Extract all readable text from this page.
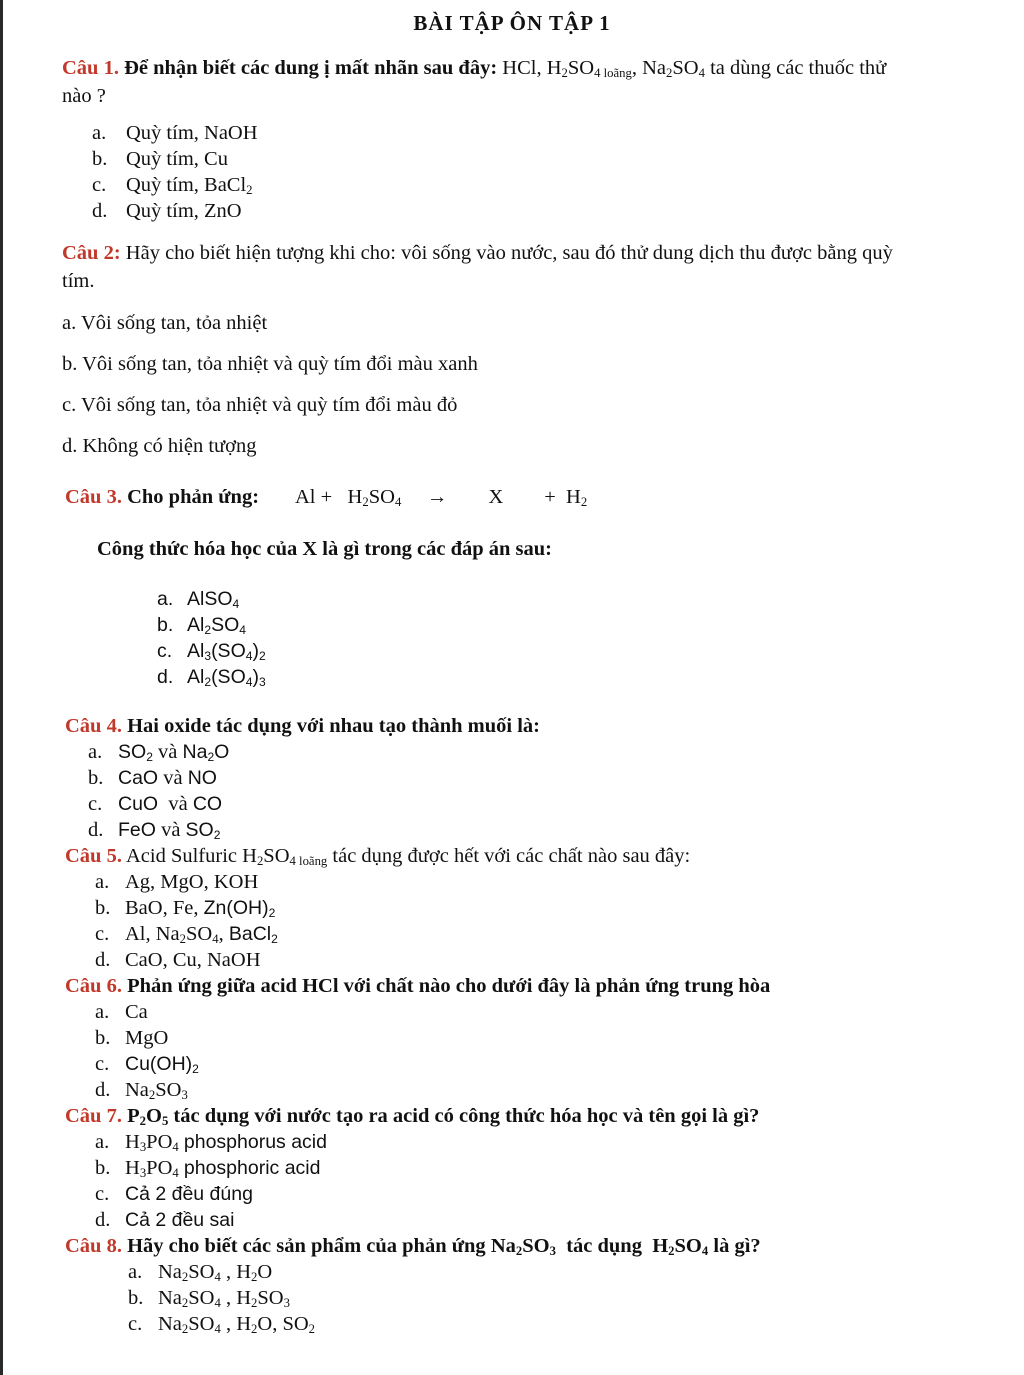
BÀI TẬP ÔN TẬP 1
Câu 1. Để nhận biết các dung ị mất nhãn sau đây: HCl, $H_2SO_{4 loãng}$, $Na_2SO_4$ ta dùng các thuốc thử
nào ?
a. Quỳ tím, NaOH
b. Quỳ tím, Cu
c. Quỳ tím, BaCl$_2$
d. Quỳ tím, ZnO
Câu 2: Hãy cho biết hiện tượng khi cho: vôi sống vào nước, sau đó thử dung dịch thu được bằng quỳ
tím.
a. Vôi sống tan, tỏa nhiệt
b. Vôi sống tan, tỏa nhiệt và quỳ tím đổi màu xanh
c. Vôi sống tan, tỏa nhiệt và quỳ tím đổi màu đỏ
d. Không có hiện tượng
Câu 3. Cho phản ứng: $Al + H_2SO_4$ →        X        +  $H_2$
Công thức hóa học của X là gì trong các đáp án sau:
a. AlSO$_4$
b. $Al_2SO_4$
c. $Al_3(SO_4)_2$
d. $Al_2(SO_4)_3$
Câu 4. Hai oxide tác dụng với nhau tạo thành muối là:
a. $SO_2$ và $Na_2O$
b. CaO và NO
c. CuO và CO
d. FeO và $SO_2$
Câu 5. Acid Sulfuric $H_2SO_{4 loãng}$ tác dụng được hết với các chất nào sau đây:
a. Ag, MgO, KOH
b. BaO, Fe, $Zn(OH)_2$
c. Al, $Na_2SO_4$, BaCl$_2$
d. CaO, Cu, NaOH
Câu 6. Phản ứng giữa acid HCl với chất nào cho dưới đây là phản ứng trung hòa
a. Ca
b. MgO
c. $Cu(OH)_2$
d. $Na_2SO_3$
Câu 7. $P_2O_5$ tác dụng với nước tạo ra acid có công thức hóa học và tên gọi là gì?
a. $H_3PO_4$ phosphorus acid
b. $H_3PO_4$ phosphoric acid
c. Cả 2 đều đúng
d. Cả 2 đều sai
Câu 8. Hãy cho biết các sản phẩm của phản ứng $Na_2SO_3$ tác dụng $H_2SO_4$ là gì?
a. $Na_2SO_4$ , $H_2O$
b. $Na_2SO_4$ , $H_2SO_3$
c. $Na_2SO_4$ , $H_2O$, $SO_2$
